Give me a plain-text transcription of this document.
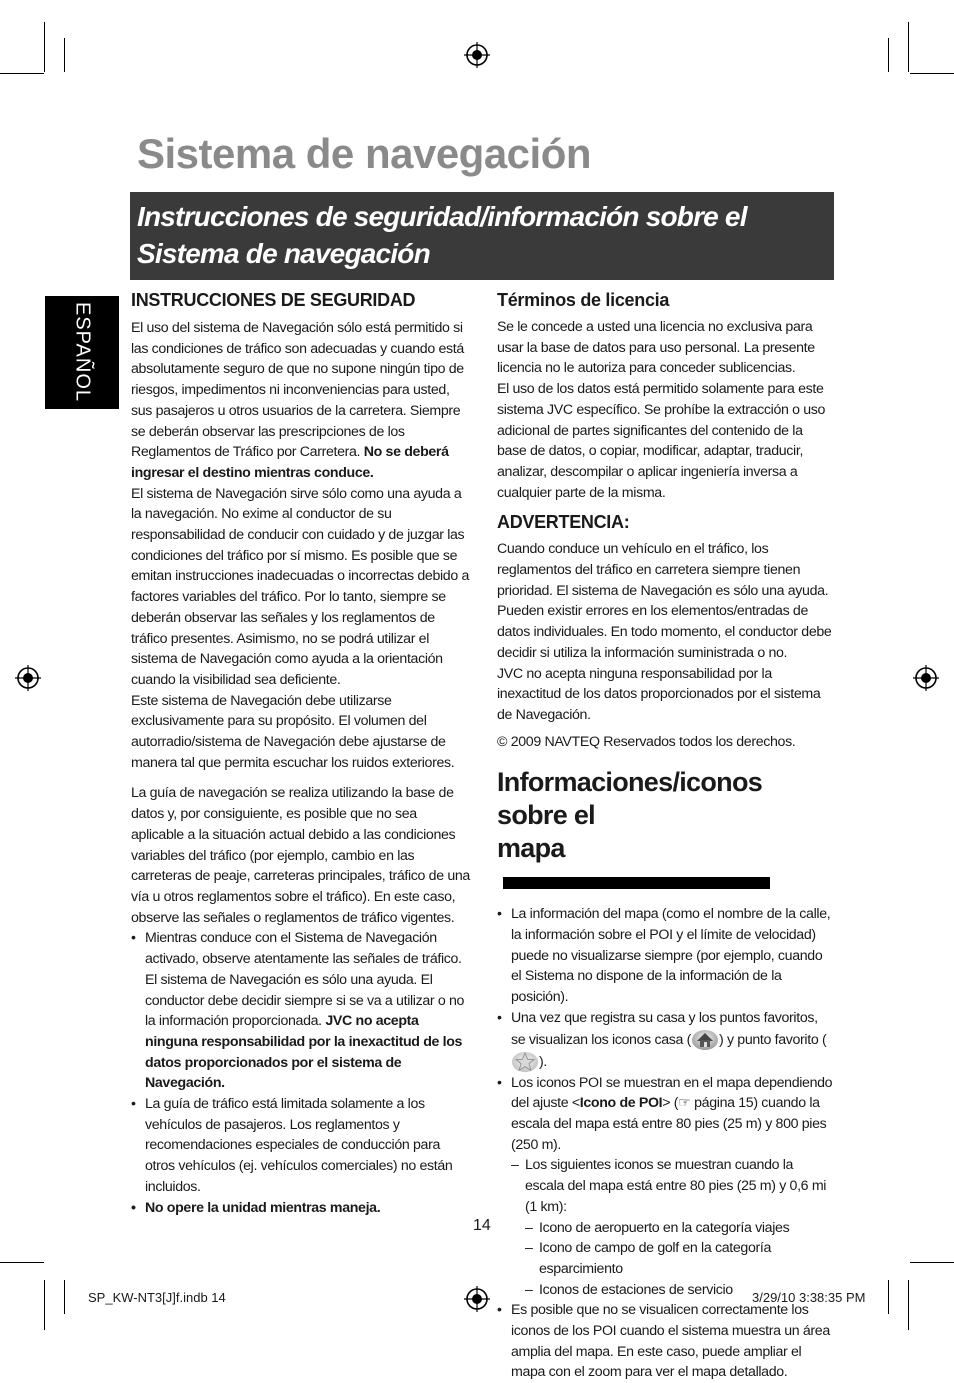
Sistema de navegación
Instrucciones de seguridad/información sobre el Sistema de navegación
ESPAÑOL
INSTRUCCIONES DE SEGURIDAD

El uso del sistema de Navegación sólo está permitido si las condiciones de tráfico son adecuadas y cuando está absolutamente seguro de que no supone ningún tipo de riesgos, impedimentos ni inconveniencias para usted, sus pasajeros u otros usuarios de la carretera. Siempre se deberán observar las prescripciones de los Reglamentos de Tráfico por Carretera. No se deberá ingresar el destino mientras conduce.

El sistema de Navegación sirve sólo como una ayuda a la navegación. No exime al conductor de su responsabilidad de conducir con cuidado y de juzgar las condiciones del tráfico por sí mismo. Es posible que se emitan instrucciones inadecuadas o incorrectas debido a factores variables del tráfico. Por lo tanto, siempre se deberán observar las señales y los reglamentos de tráfico presentes. Asimismo, no se podrá utilizar el sistema de Navegación como ayuda a la orientación cuando la visibilidad sea deficiente.

Este sistema de Navegación debe utilizarse exclusivamente para su propósito. El volumen del autorradio/sistema de Navegación debe ajustarse de manera tal que permita escuchar los ruidos exteriores.

La guía de navegación se realiza utilizando la base de datos y, por consiguiente, es posible que no sea aplicable a la situación actual debido a las condiciones variables del tráfico (por ejemplo, cambio en las carreteras de peaje, carreteras principales, tráfico de una vía u otros reglamentos sobre el tráfico). En este caso, observe las señales o reglamentos de tráfico vigentes.

• Mientras conduce con el Sistema de Navegación activado, observe atentamente las señales de tráfico. El sistema de Navegación es sólo una ayuda. El conductor debe decidir siempre si se va a utilizar o no la información proporcionada. JVC no acepta ninguna responsabilidad por la inexactitud de los datos proporcionados por el sistema de Navegación.
• La guía de tráfico está limitada solamente a los vehículos de pasajeros. Los reglamentos y recomendaciones especiales de conducción para otros vehículos (ej. vehículos comerciales) no están incluidos.
• No opere la unidad mientras maneja.
Términos de licencia

Se le concede a usted una licencia no exclusiva para usar la base de datos para uso personal. La presente licencia no le autoriza para conceder sublicencias.

El uso de los datos está permitido solamente para este sistema JVC específico. Se prohíbe la extracción o uso adicional de partes significantes del contenido de la base de datos, o copiar, modificar, adaptar, traducir, analizar, descompilar o aplicar ingeniería inversa a cualquier parte de la misma.

ADVERTENCIA:

Cuando conduce un vehículo en el tráfico, los reglamentos del tráfico en carretera siempre tienen prioridad. El sistema de Navegación es sólo una ayuda. Pueden existir errores en los elementos/entradas de datos individuales. En todo momento, el conductor debe decidir si utiliza la información suministrada o no.

JVC no acepta ninguna responsabilidad por la inexactitud de los datos proporcionados por el sistema de Navegación.

© 2009 NAVTEQ Reservados todos los derechos.

Informaciones/iconos sobre el
mapa
• La información del mapa (como el nombre de la calle, la información sobre el POI y el límite de velocidad) puede no visualizarse siempre (por ejemplo, cuando el Sistema no dispone de la información de la posición).
• Una vez que registra su casa y los puntos favoritos, se visualizan los iconos casa ( ) y punto favorito ().
• Los iconos POI se muestran en el mapa dependiendo del ajuste <Icono de POI> (☞ página 15) cuando la escala del mapa está entre 80 pies (25 m) y 800 pies (250 m).
– Los siguientes iconos se muestran cuando la escala del mapa está entre 80 pies (25 m) y 0,6 mi (1 km):
– Icono de aeropuerto en la categoría viajes
– Icono de campo de golf en la categoría esparcimiento
– Iconos de estaciones de servicio
• Es posible que no se visualicen correctamente los iconos de los POI cuando el sistema muestra un área amplia del mapa. En este caso, puede ampliar el mapa con el zoom para ver el mapa detallado.
14
SP_KW-NT3[J]f.indb 14	3/29/10 3:38:35 PM
